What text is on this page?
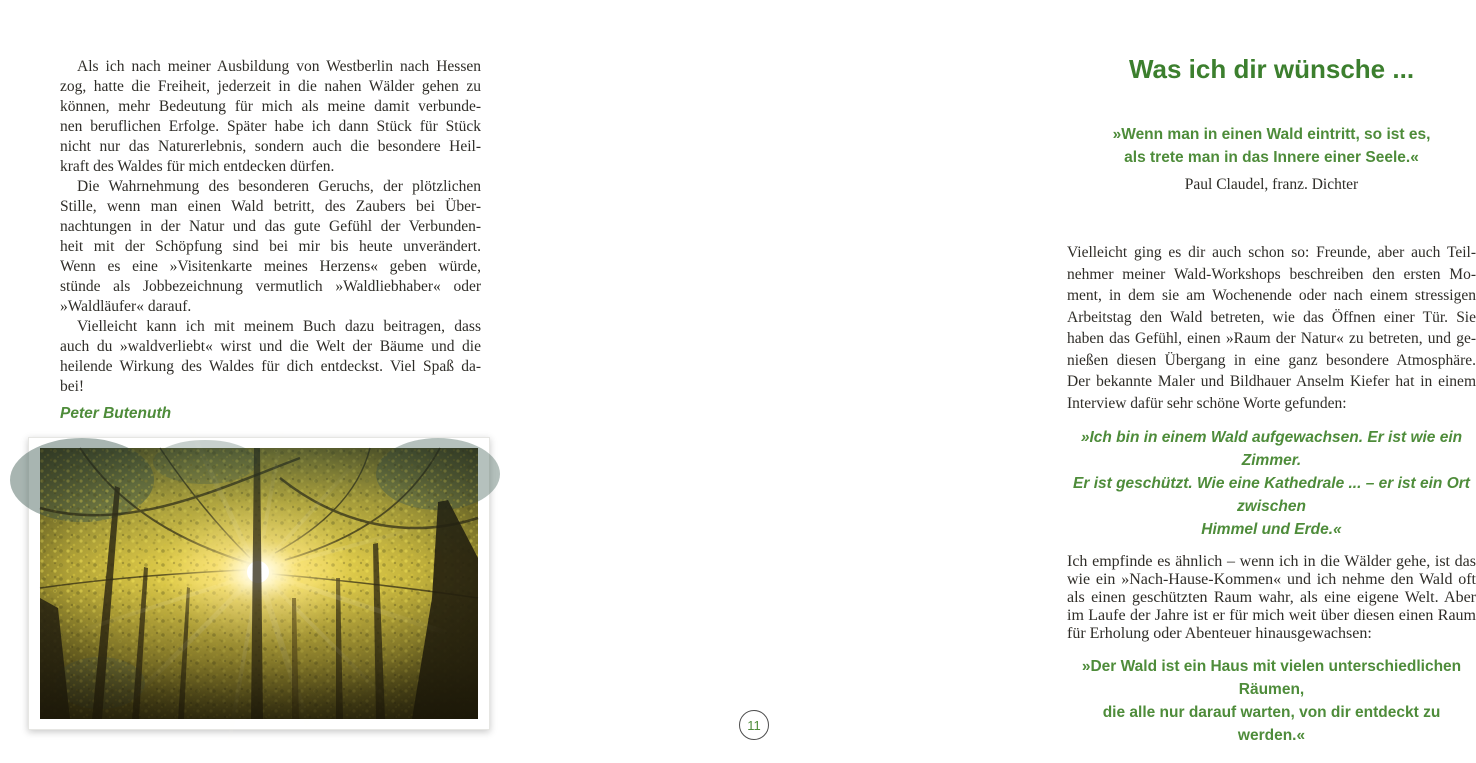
Als ich nach meiner Ausbildung von Westberlin nach Hessen
zog, hatte die Freiheit, jederzeit in die nahen Wälder gehen zu
können, mehr Bedeutung für mich als meine damit verbunde-
nen beruflichen Erfolge. Später habe ich dann Stück für Stück
nicht nur das Naturerlebnis, sondern auch die besondere Heil-
kraft des Waldes für mich entdecken dürfen.
Die Wahrnehmung des besonderen Geruchs, der plötzlichen
Stille, wenn man einen Wald betritt, des Zaubers bei Über-
nachtungen in der Natur und das gute Gefühl der Verbunden-
heit mit der Schöpfung sind bei mir bis heute unverändert.
Wenn es eine »Visitenkarte meines Herzens« geben würde,
stünde als Jobbezeichnung vermutlich »Waldliebhaber« oder
»Waldläufer« darauf.
Vielleicht kann ich mit meinem Buch dazu beitragen, dass
auch du »waldverliebt« wirst und die Welt der Bäume und die
heilende Wirkung des Waldes für dich entdeckst. Viel Spaß da-
bei!
Peter Butenuth
Was ich dir wünsche ...
»Wenn man in einen Wald eintritt, so ist es,
als trete man in das Innere einer Seele.«
Paul Claudel, franz. Dichter
Vielleicht ging es dir auch schon so: Freunde, aber auch Teil-
nehmer meiner Wald-Workshops beschreiben den ersten Mo-
ment, in dem sie am Wochenende oder nach einem stressigen
Arbeitstag den Wald betreten, wie das Öffnen einer Tür. Sie
haben das Gefühl, einen »Raum der Natur« zu betreten, und ge-
nießen diesen Übergang in eine ganz besondere Atmosphäre.
Der bekannte Maler und Bildhauer Anselm Kiefer hat in einem
Interview dafür sehr schöne Worte gefunden:
»Ich bin in einem Wald aufgewachsen. Er ist wie ein Zimmer.
Er ist geschützt. Wie eine Kathedrale ... – er ist ein Ort zwischen
Himmel und Erde.«
Ich empfinde es ähnlich – wenn ich in die Wälder gehe, ist das
wie ein »Nach-Hause-Kommen« und ich nehme den Wald oft
als einen geschützten Raum wahr, als eine eigene Welt. Aber
im Laufe der Jahre ist er für mich weit über diesen einen Raum
für Erholung oder Abenteuer hinausgewachsen:
»Der Wald ist ein Haus mit vielen unterschiedlichen Räumen,
die alle nur darauf warten, von dir entdeckt zu werden.«
11
